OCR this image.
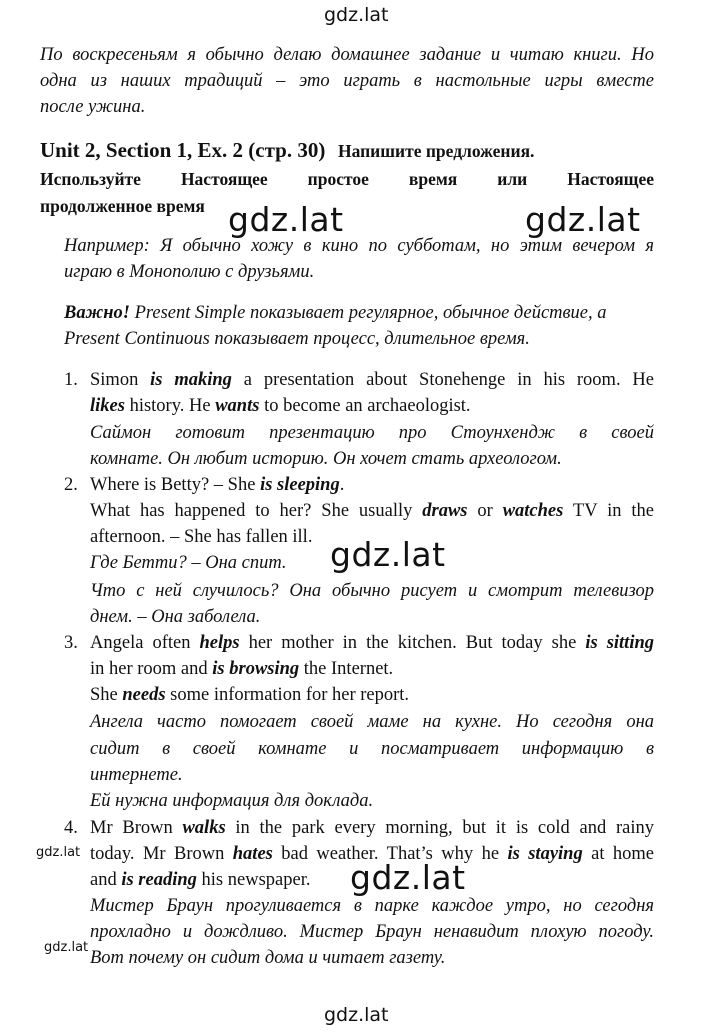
gdz.lat
gdz.lat	gdz.lat
gdz.lat
gdz.lat
gdz.lat
gdz.lat
gdz.lat
По воскресеньям я обычно делаю домашнее задание и читаю книги. Но
одна из наших традиций – это играть в настольные игры вместе
после ужина.
Unit 2, Section 1, Ex. 2 (стр. 30) Напишите предложения.
Используйте Настоящее простое время или Настоящее
продолженное время
Например: Я обычно хожу в кино по субботам, но этим вечером я
играю в Монополию с друзьями.
Важно! Present Simple показывает регулярное, обычное действие, а
Present Continuous показывает процесс, длительное время.
1. Simon is making a presentation about Stonehenge in his room. He
likes history. He wants to become an archaeologist.
Саймон готовит презентацию про Стоунхендж в своей
комнате. Он любит историю. Он хочет стать археологом.
2. Where is Betty? – She is sleeping.
What has happened to her? She usually draws or watches TV in the
afternoon. – She has fallen ill.
Где Бетти? – Она спит.
Что с ней случилось? Она обычно рисует и смотрит телевизор
днем. – Она заболела.
3. Angela often helps her mother in the kitchen. But today she is sitting
in her room and is browsing the Internet.
She needs some information for her report.
Ангела часто помогает своей маме на кухне. Но сегодня она
сидит в своей комнате и посматривает информацию в
интернете.
Ей нужна информация для доклада.
4. Mr Brown walks in the park every morning, but it is cold and rainy
today. Mr Brown hates bad weather. That’s why he is staying at home
and is reading his newspaper.
Мистер Браун прогуливается в парке каждое утро, но сегодня
прохладно и дождливо. Мистер Браун ненавидит плохую погоду.
Вот почему он сидит дома и читает газету.
